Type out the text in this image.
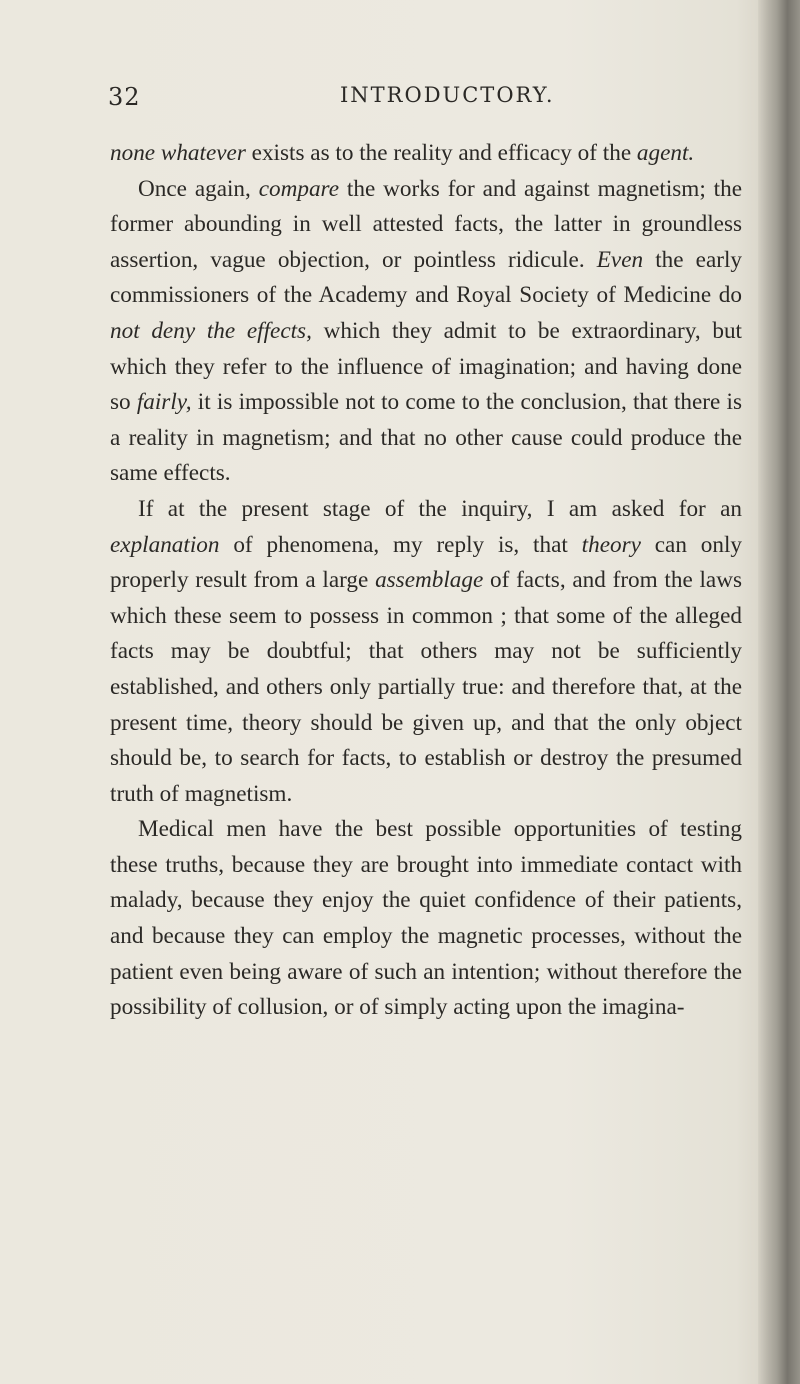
32	INTRODUCTORY.

none whatever exists as to the reality and efficacy of the agent.

Once again, compare the works for and against magnetism; the former abounding in well attested facts, the latter in groundless assertion, vague objection, or pointless ridicule. Even the early commissioners of the Academy and Royal Society of Medicine do not deny the effects, which they admit to be extraordinary, but which they refer to the influence of imagination; and having done so fairly, it is impossible not to come to the conclusion, that there is a reality in magnetism; and that no other cause could produce the same effects.

If at the present stage of the inquiry, I am asked for an explanation of phenomena, my reply is, that theory can only properly result from a large assemblage of facts, and from the laws which these seem to possess in common ; that some of the alleged facts may be doubtful; that others may not be sufficiently established, and others only partially true: and therefore that, at the present time, theory should be given up, and that the only object should be, to search for facts, to establish or destroy the presumed truth of magnetism.

Medical men have the best possible opportunities of testing these truths, because they are brought into immediate contact with malady, because they enjoy the quiet confidence of their patients, and because they can employ the magnetic processes, without the patient even being aware of such an intention; without therefore the possibility of collusion, or of simply acting upon the imagina-
